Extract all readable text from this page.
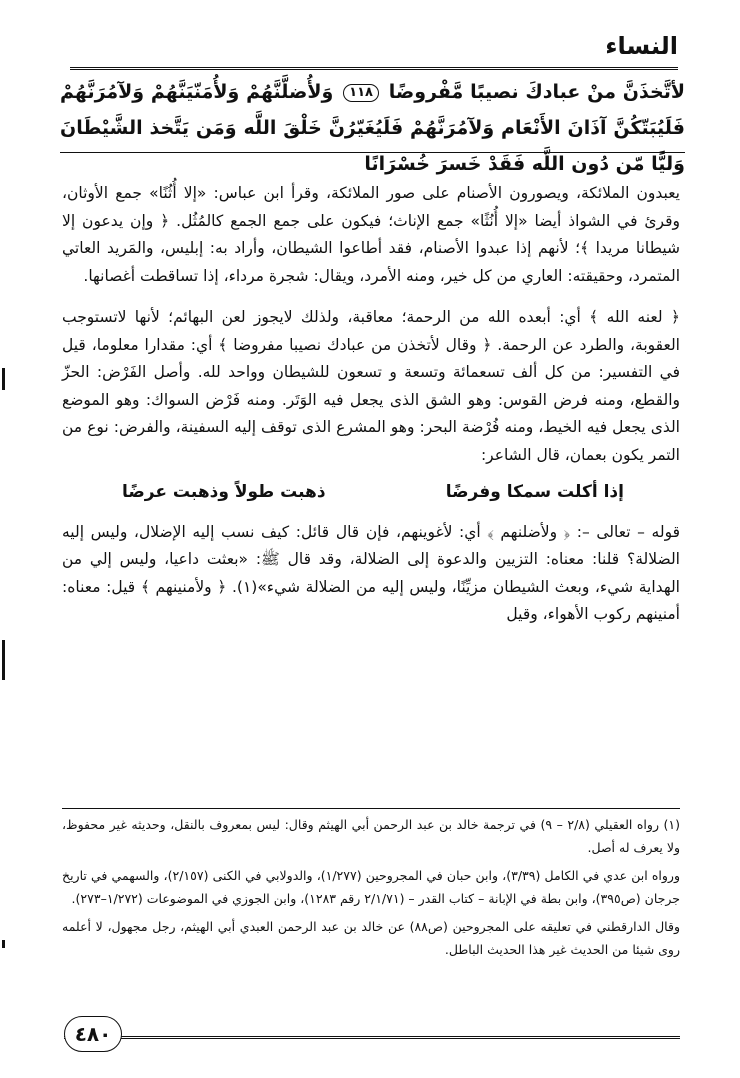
النساء

لأتَّخذَنَّ منْ عبادكَ نصيبًا مَّفْروضًا ١١٨ وَلأُضلَّنَّهُمْ وَلأُمَنّيَنَّهُمْ وَلآمُرَنَّهُمْ فَلَيُبَتّكُنَّ آذَانَ الأَنْعَام وَلآمُرَنَّهُمْ فَلَيُغَيّرُنَّ خَلْقَ اللَّه وَمَن يَتَّخذ الشَّيْطَانَ وَليًّا مّن دُون اللَّه فَقَدْ خَسرَ خُسْرَانًا

يعبدون الملائكة، ويصورون الأصنام على صور الملائكة، وقرأ ابن عباس: «إلا أُثُنًا» جمع الأوثان، وقرئ في الشواذ أيضا «إلا أُنُثًا» جمع الإناث؛ فيكون على جمع الجمع كالمُثُل. ﴿ وإن يدعون إلا شيطانا مريدا ﴾؛ لأنهم إذا عبدوا الأصنام، فقد أطاعوا الشيطان، وأراد به: إبليس، والمَريد العاتي المتمرد، وحقيقته: العاري من كل خير، ومنه الأمرد، ويقال: شجرة مرداء، إذا تساقطت أغصانها.

﴿ لعنه الله ﴾ أي: أبعده الله من الرحمة؛ معاقبة، ولذلك لايجوز لعن البهائم؛ لأنها لاتستوجب العقوبة، والطرد عن الرحمة. ﴿ وقال لأتخذن من عبادك نصيبا مفروضا ﴾ أي: مقدارا معلوما، قيل في التفسير: من كل ألف تسعمائة وتسعة و تسعون للشيطان وواحد لله. وأصل الفَرْض: الحزّ والقطع، ومنه فرض القوس: وهو الشق الذى يجعل فيه الوَتَر. ومنه فَرْض السواك: وهو الموضع الذى يجعل فيه الخيط، ومنه فُرْضة البحر: وهو المشرع الذى توقف إليه السفينة، والفرض: نوع من التمر يكون بعمان، قال الشاعر:

إذا أكلت سمكا وفرضًا
ذهبت طولاً وذهبت عرضًا

قوله – تعالى –: ﴿ ولأضلنهم ﴾ أي: لأغوينهم، فإن قال قائل: كيف نسب إليه الإضلال، وليس إليه الضلالة؟ قلنا: معناه: التزيين والدعوة إلى الضلالة، وقد قال ﷺ: «بعثت داعيا، وليس إلي من الهداية شيء، وبعث الشيطان مزيِّنًا، وليس إليه من الضلالة شيء»(١). ﴿ ولأمنينهم ﴾ قيل: معناه: أمنينهم ركوب الأهواء، وقيل

(١) رواه العقيلي (٢/٨ – ٩) في ترجمة خالد بن عبد الرحمن أبي الهيثم وقال: ليس بمعروف بالنقل، وحديثه غير محفوظ، ولا يعرف له أصل.

ورواه ابن عدي في الكامل (٣/٣٩)، وابن حبان في المجروحين (١/٢٧٧)، والدولابي في الكنى (٢/١٥٧)، والسهمي في تاريخ جرجان (ص٣٩٥)، وابن بطة في الإبانة – كتاب القدر – (٢/١/٧١ رقم ١٢٨٣)، وابن الجوزي في الموضوعات (١/٢٧٢–٢٧٣).

وقال الدارقطني في تعليقه على المجروحين (ص٨٨) عن خالد بن عبد الرحمن العبدي أبي الهيثم، رجل مجهول، لا أعلمه روى شيئا من الحديث غير هذا الحديث الباطل.

٤٨٠
